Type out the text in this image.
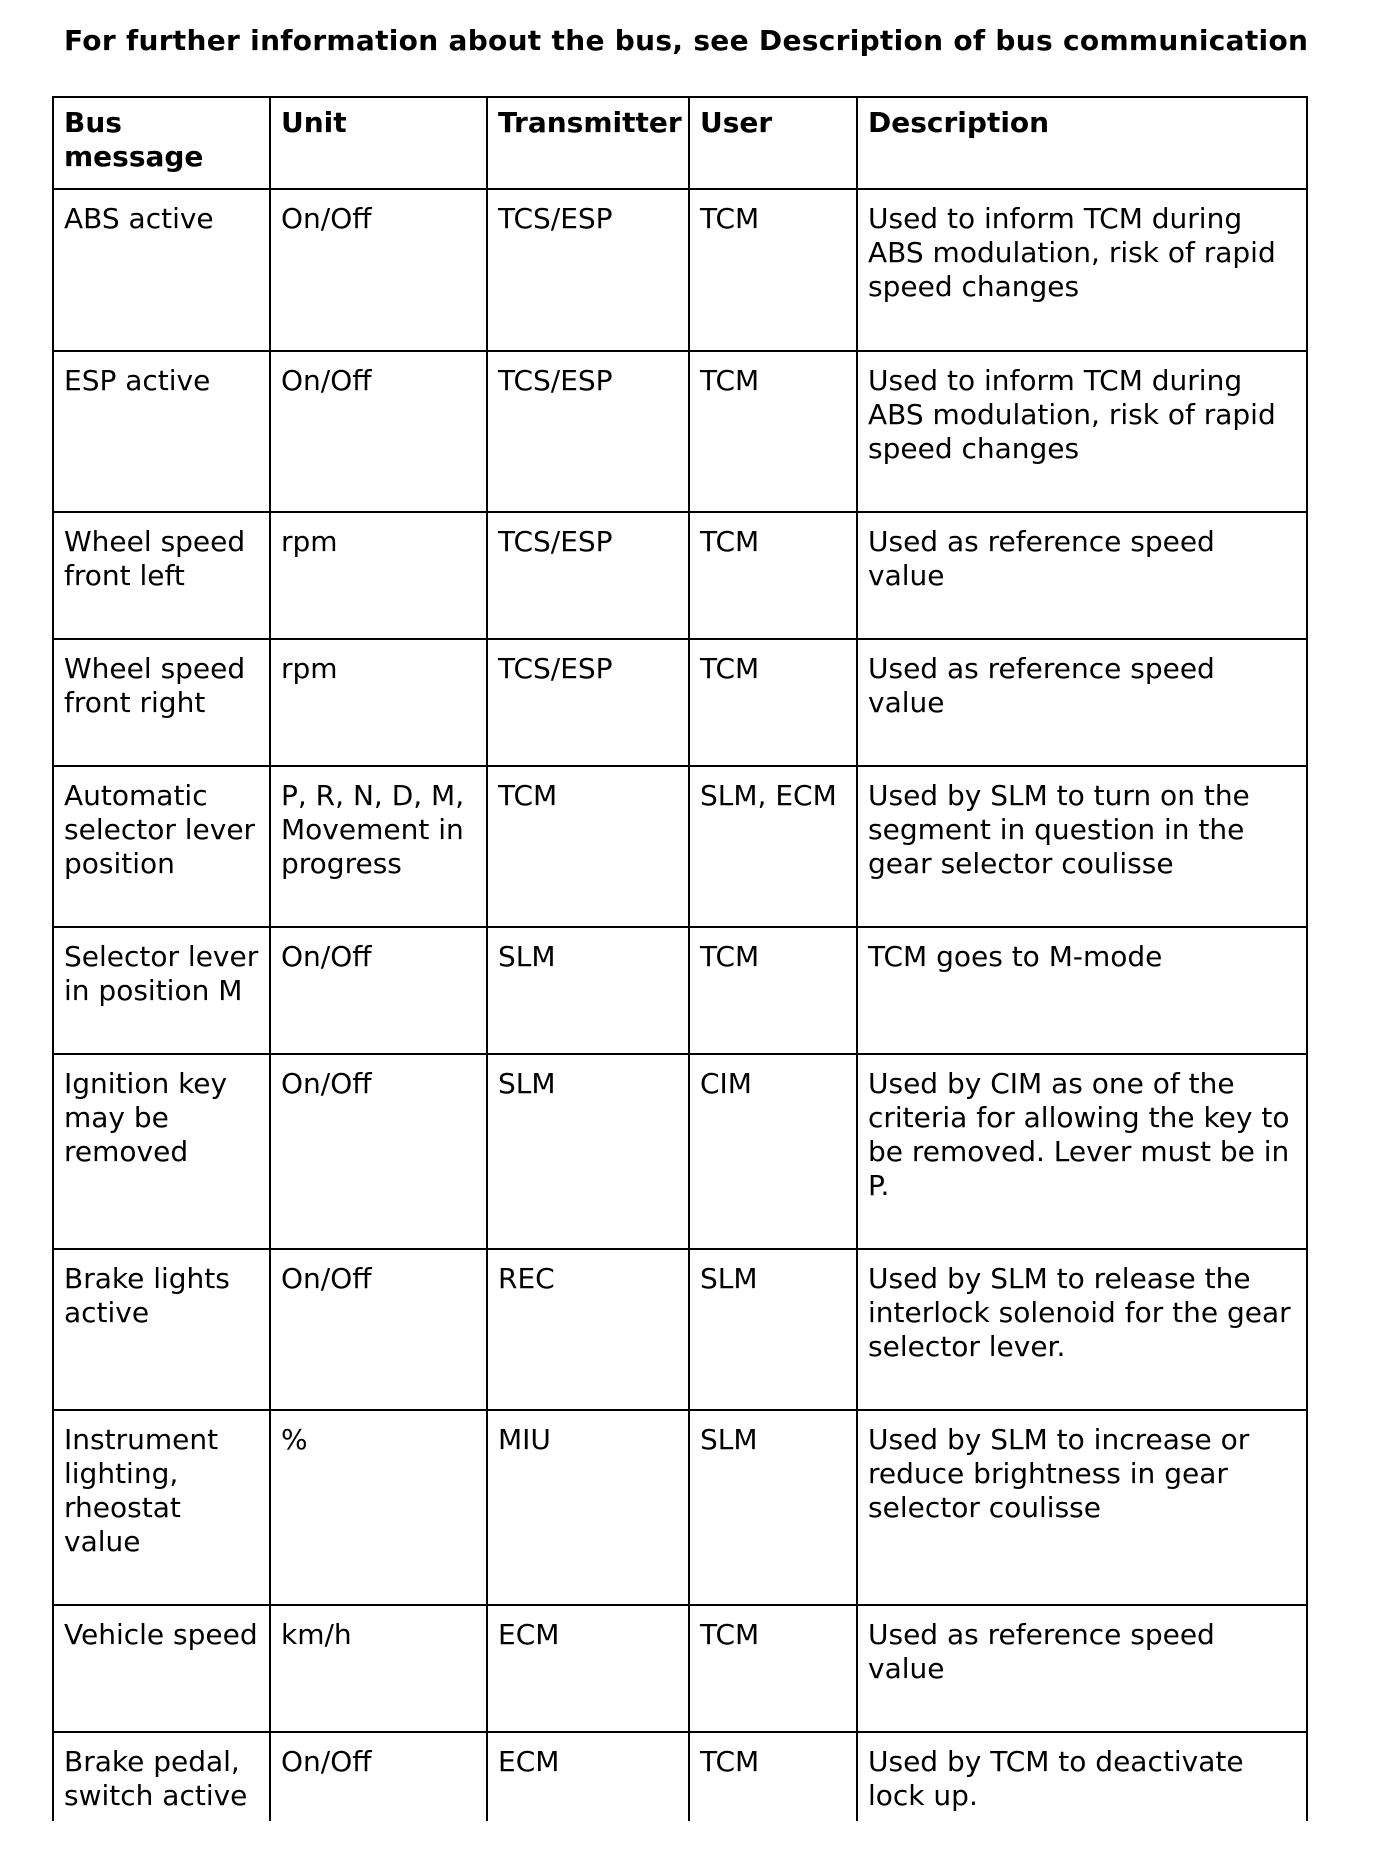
For further information about the bus, see Description of bus communication
Bus message	Unit	Transmitter	User	Description
ABS active	On/Off	TCS/ESP	TCM	Used to inform TCM during ABS modulation, risk of rapid speed changes
ESP active	On/Off	TCS/ESP	TCM	Used to inform TCM during ABS modulation, risk of rapid speed changes
Wheel speed front left	rpm	TCS/ESP	TCM	Used as reference speed value
Wheel speed front right	rpm	TCS/ESP	TCM	Used as reference speed value
Automatic selector lever position	P, R, N, D, M, Movement in progress	TCM	SLM, ECM	Used by SLM to turn on the segment in question in the gear selector coulisse
Selector lever in position M	On/Off	SLM	TCM	TCM goes to M-mode
Ignition key may be removed	On/Off	SLM	CIM	Used by CIM as one of the criteria for allowing the key to be removed. Lever must be in P.
Brake lights active	On/Off	REC	SLM	Used by SLM to release the interlock solenoid for the gear selector lever.
Instrument lighting, rheostat value	%	MIU	SLM	Used by SLM to increase or reduce brightness in gear selector coulisse
Vehicle speed	km/h	ECM	TCM	Used as reference speed value
Brake pedal, switch active	On/Off	ECM	TCM	Used by TCM to deactivate lock up.
